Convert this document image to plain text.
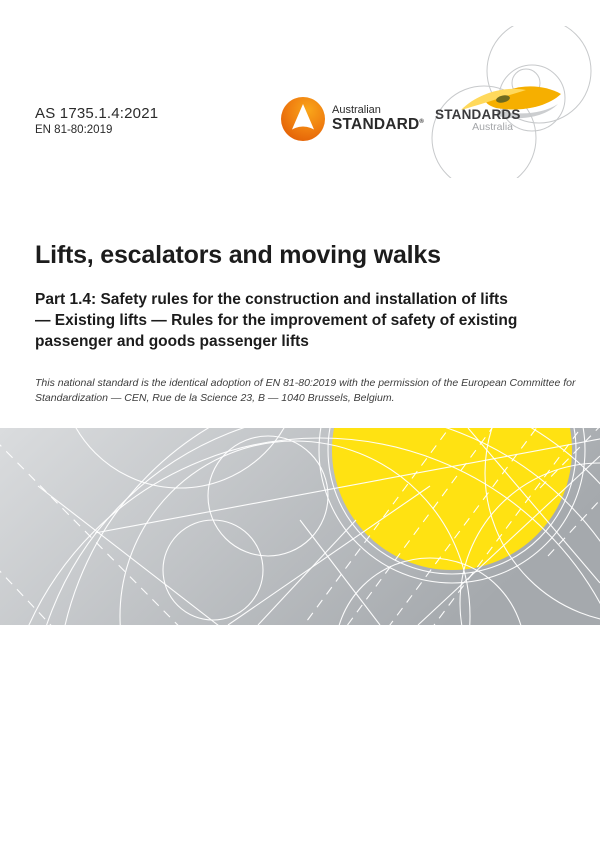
AS 1735.1.4:2021
EN 81-80:2019
Australian
STANDARD®
STANDARDS
Australia
Lifts, escalators and moving walks
Part 1.4: Safety rules for the construction and installation of lifts
— Existing lifts — Rules for the improvement of safety of existing
passenger and goods passenger lifts
This national standard is the identical adoption of EN 81-80:2019 with the permission of the European Committee for
Standardization — CEN, Rue de la Science 23, B — 1040 Brussels, Belgium.
